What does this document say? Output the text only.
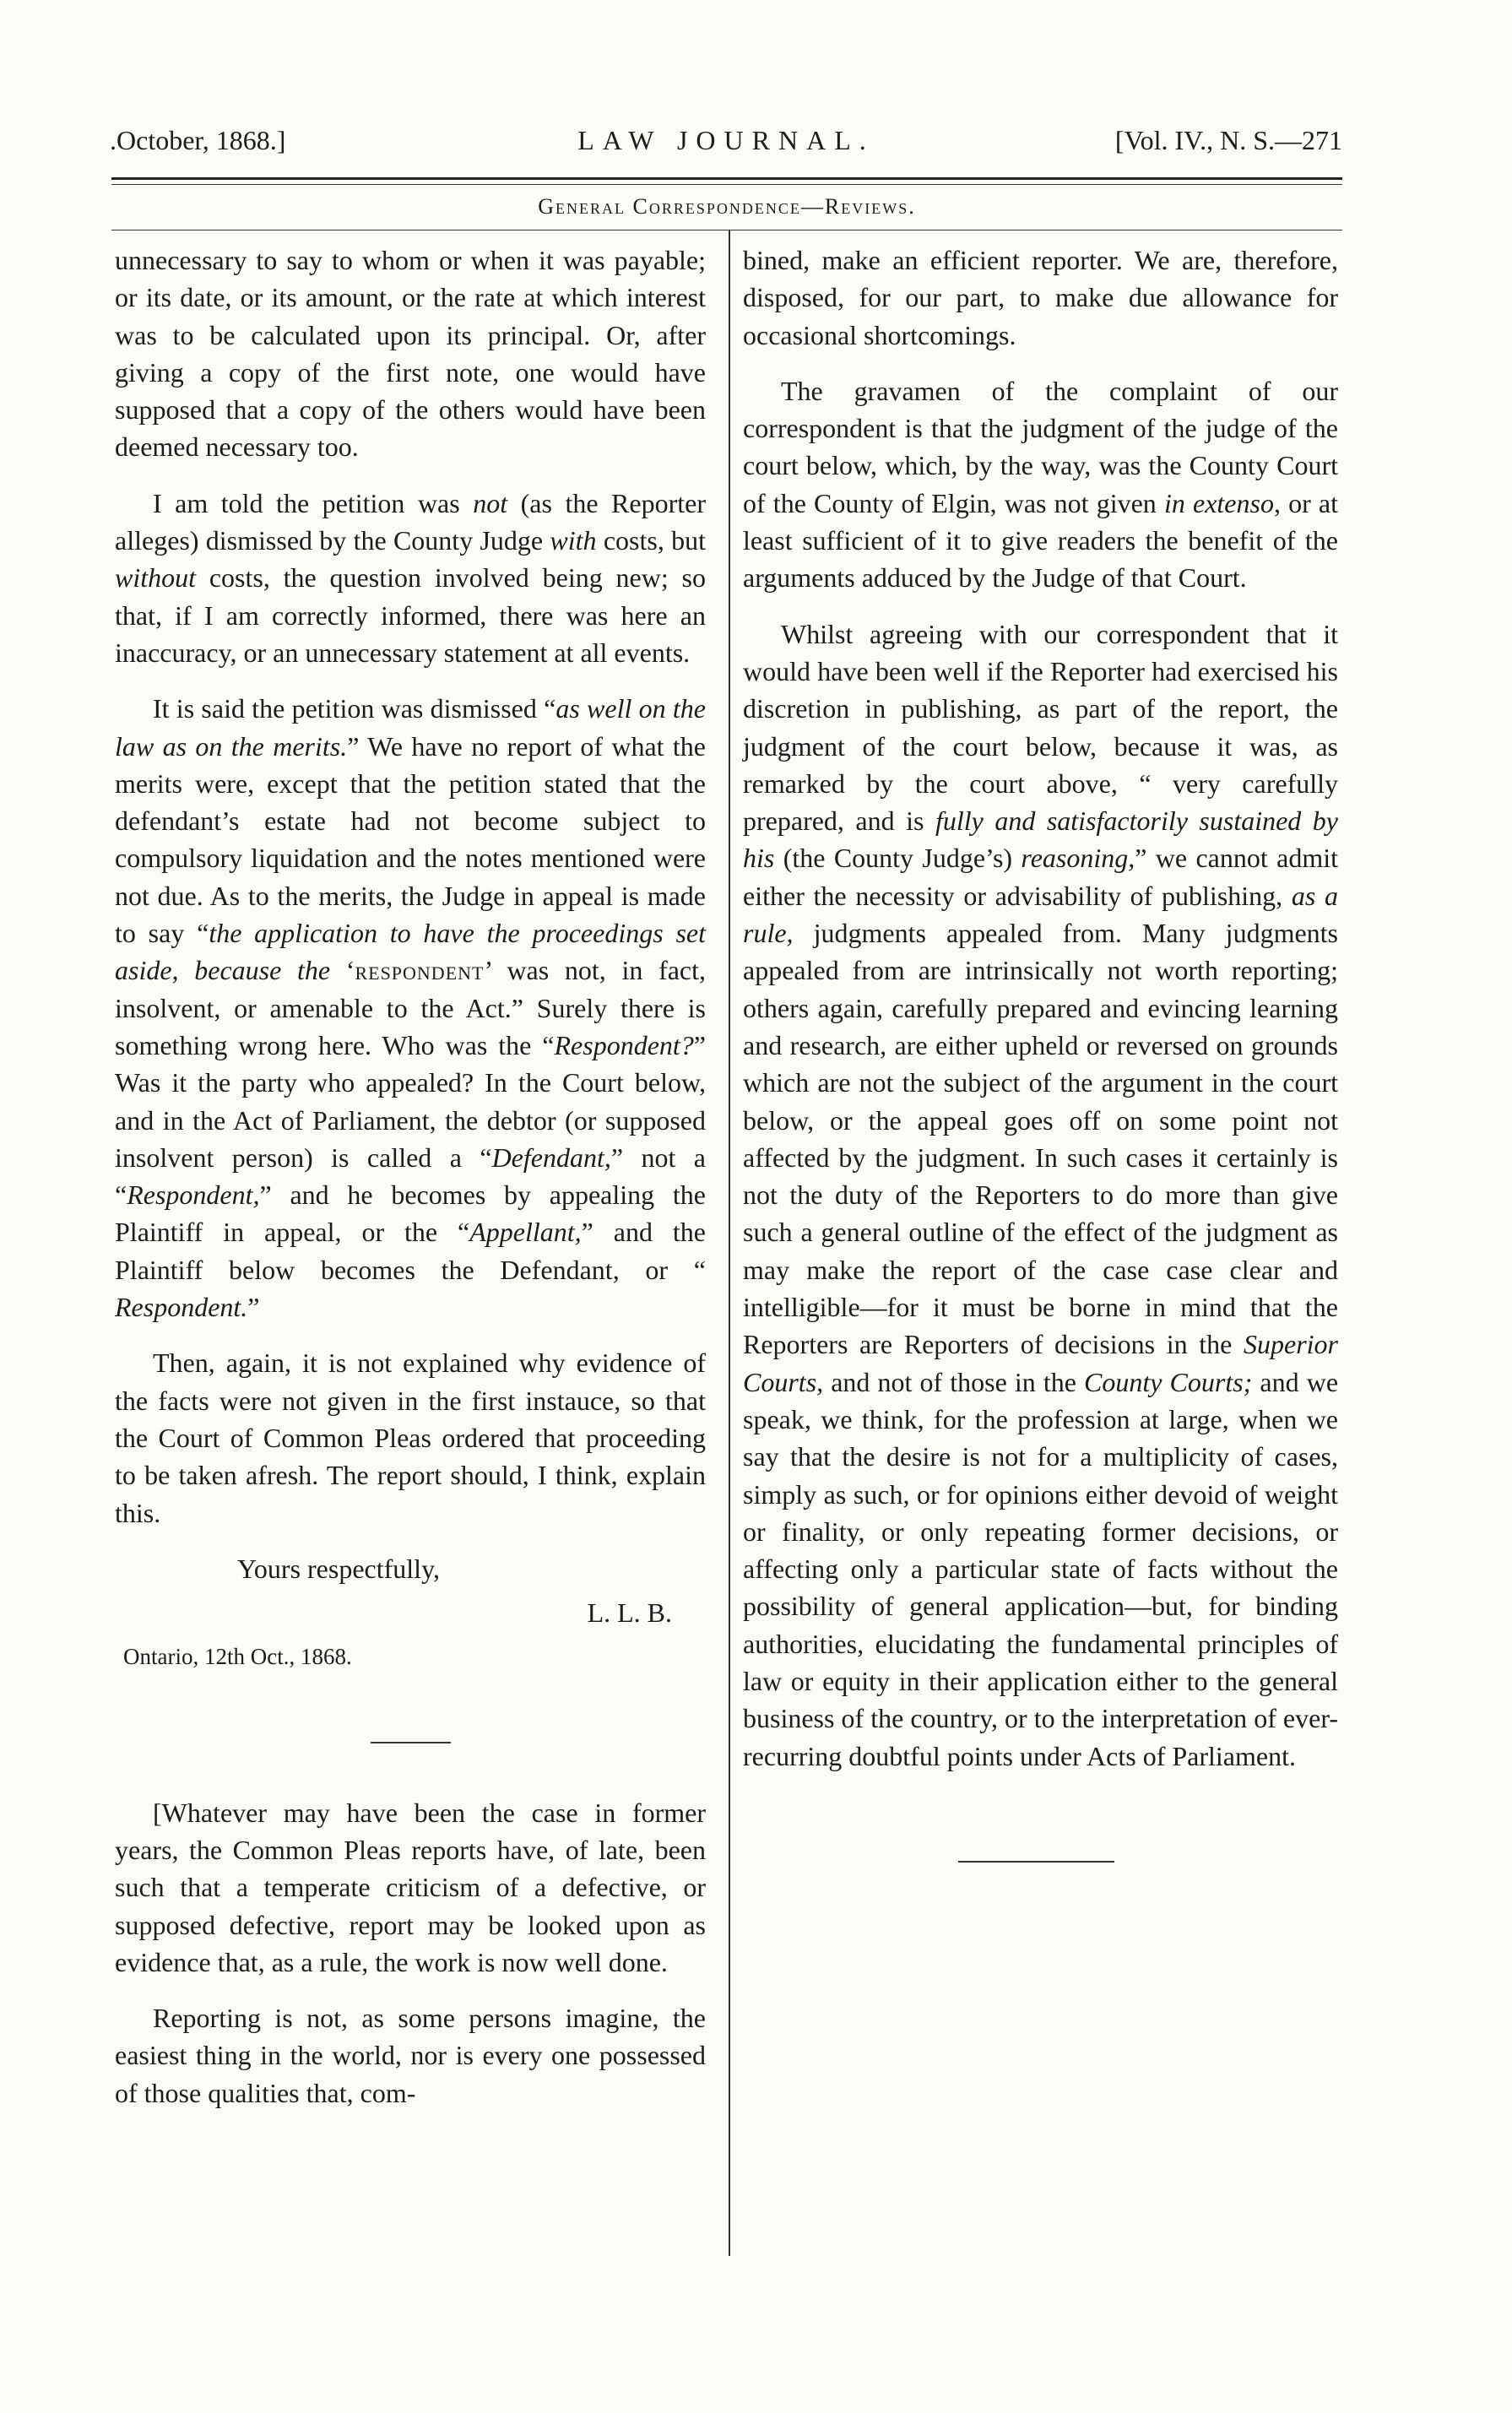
.October, 1868.]	LAW JOURNAL.	[Vol. IV., N. S.—271
General Correspondence—Reviews.

unnecessary to say to whom or when it was payable; or its date, or its amount, or the rate at which interest was to be calculated upon its principal. Or, after giving a copy of the first note, one would have supposed that a copy of the others would have been deemed necessary too.

I am told the petition was not (as the Reporter alleges) dismissed by the County Judge with costs, but without costs, the question involved being new; so that, if I am correctly informed, there was here an inaccuracy, or an unnecessary statement at all events.

It is said the petition was dismissed “as well on the law as on the merits.” We have no report of what the merits were, except that the petition stated that the defendant’s estate had not become subject to compulsory liquidation and the notes mentioned were not due. As to the merits, the Judge in appeal is made to say “the application to have the proceedings set aside, because the ‘respondent’ was not, in fact, insolvent, or amenable to the Act.” Surely there is something wrong here. Who was the “Respondent?” Was it the party who appealed? In the Court below, and in the Act of Parliament, the debtor (or supposed insolvent person) is called a “Defendant,” not a “Respondent,” and he becomes by appealing the Plaintiff in appeal, or the “Appellant,” and the Plaintiff below becomes the Defendant, or “ Respondent.”

Then, again, it is not explained why evidence of the facts were not given in the first instauce, so that the Court of Common Pleas ordered that proceeding to be taken afresh. The report should, I think, explain this.

Yours respectfully,

L. L. B.

Ontario, 12th Oct., 1868.

[Whatever may have been the case in former years, the Common Pleas reports have, of late, been such that a temperate criticism of a defective, or supposed defective, report may be looked upon as evidence that, as a rule, the work is now well done.

Reporting is not, as some persons imagine, the easiest thing in the world, nor is every one possessed of those qualities that, com-

bined, make an efficient reporter. We are, therefore, disposed, for our part, to make due allowance for occasional shortcomings.

The gravamen of the complaint of our correspondent is that the judgment of the judge of the court below, which, by the way, was the County Court of the County of Elgin, was not given in extenso, or at least sufficient of it to give readers the benefit of the arguments adduced by the Judge of that Court.

Whilst agreeing with our correspondent that it would have been well if the Reporter had exercised his discretion in publishing, as part of the report, the judgment of the court below, because it was, as remarked by the court above, “ very carefully prepared, and is fully and satisfactorily sustained by his (the County Judge’s) reasoning,” we cannot admit either the necessity or advisability of publishing, as a rule, judgments appealed from. Many judgments appealed from are intrinsically not worth reporting; others again, carefully prepared and evincing learning and research, are either upheld or reversed on grounds which are not the subject of the argument in the court below, or the appeal goes off on some point not affected by the judgment. In such cases it certainly is not the duty of the Reporters to do more than give such a general outline of the effect of the judgment as may make the report of the case case clear and intelligible—for it must be borne in mind that the Reporters are Reporters of decisions in the Superior Courts, and not of those in the County Courts; and we speak, we think, for the profession at large, when we say that the desire is not for a multiplicity of cases, simply as such, or for opinions either devoid of weight or finality, or only repeating former decisions, or affecting only a particular state of facts without the possibility of general application—but, for binding authorities, elucidating the fundamental principles of law or equity in their application either to the general business of the country, or to the interpretation of ever-recurring doubtful points under Acts of Parliament.
